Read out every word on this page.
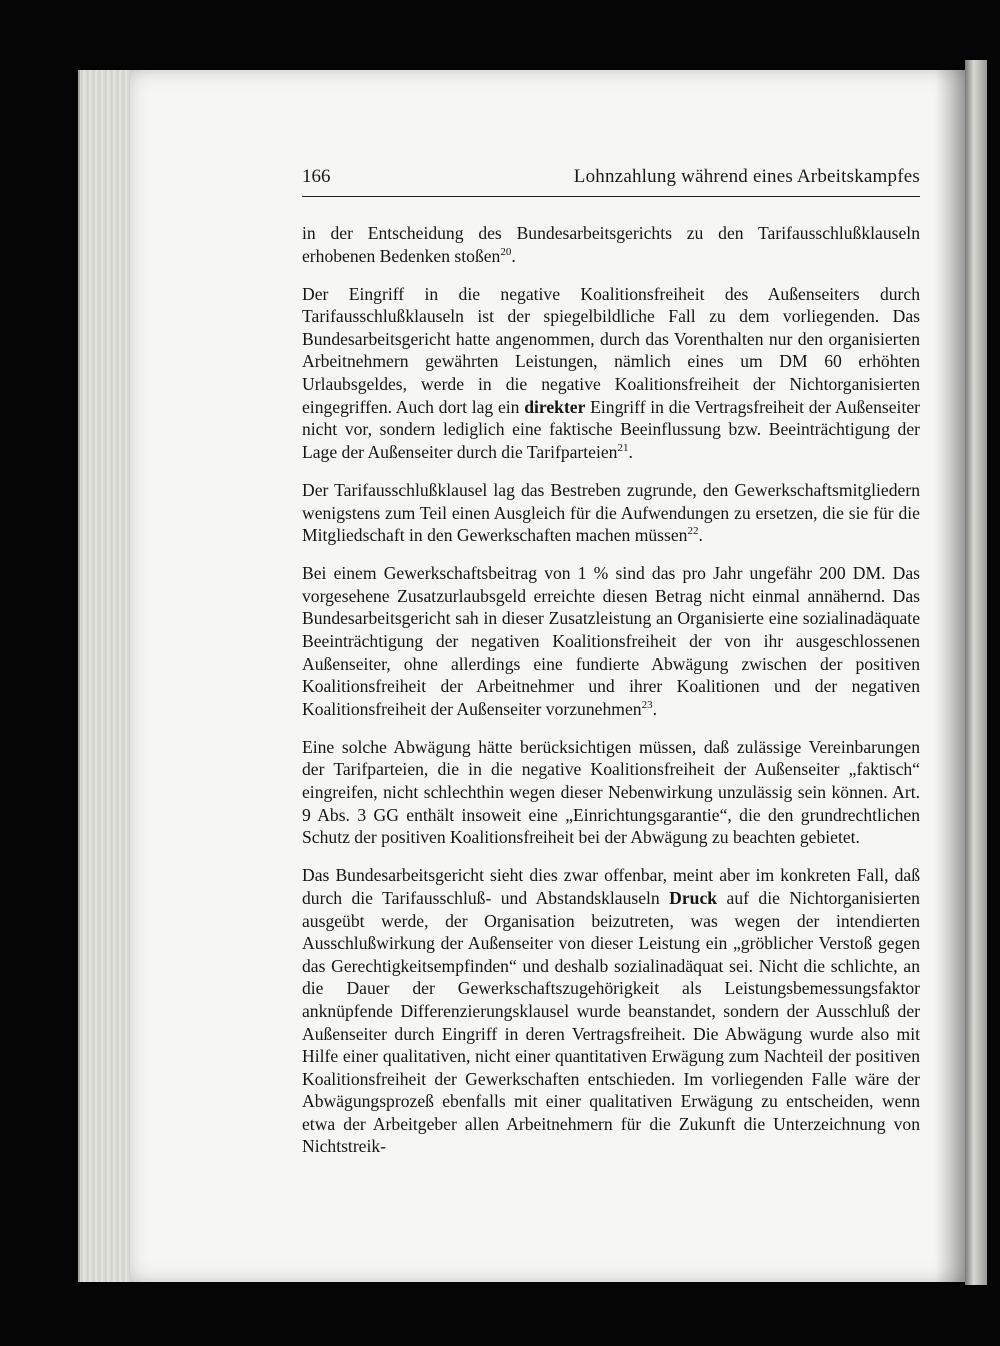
166	Lohnzahlung während eines Arbeitskampfes

in der Entscheidung des Bundesarbeitsgerichts zu den Tarifausschlußklauseln erhobenen Bedenken stoßen$^{20}$.

Der Eingriff in die negative Koalitionsfreiheit des Außenseiters durch Tarifausschlußklauseln ist der spiegelbildliche Fall zu dem vorliegenden. Das Bundesarbeitsgericht hatte angenommen, durch das Vorenthalten nur den organisierten Arbeitnehmern gewährten Leistungen, nämlich eines um DM 60 erhöhten Urlaubsgeldes, werde in die negative Koalitionsfreiheit der Nichtorganisierten eingegriffen. Auch dort lag ein direkter Eingriff in die Vertragsfreiheit der Außenseiter nicht vor, sondern lediglich eine faktische Beeinflussung bzw. Beeinträchtigung der Lage der Außenseiter durch die Tarifparteien$^{21}$.

Der Tarifausschlußklausel lag das Bestreben zugrunde, den Gewerkschaftsmitgliedern wenigstens zum Teil einen Ausgleich für die Aufwendungen zu ersetzen, die sie für die Mitgliedschaft in den Gewerkschaften machen müssen$^{22}$.

Bei einem Gewerkschaftsbeitrag von 1 % sind das pro Jahr ungefähr 200 DM. Das vorgesehene Zusatzurlaubsgeld erreichte diesen Betrag nicht einmal annähernd. Das Bundesarbeitsgericht sah in dieser Zusatzleistung an Organisierte eine sozialinadäquate Beeinträchtigung der negativen Koalitionsfreiheit der von ihr ausgeschlossenen Außenseiter, ohne allerdings eine fundierte Abwägung zwischen der positiven Koalitionsfreiheit der Arbeitnehmer und ihrer Koalitionen und der negativen Koalitionsfreiheit der Außenseiter vorzunehmen$^{23}$.

Eine solche Abwägung hätte berücksichtigen müssen, daß zulässige Vereinbarungen der Tarifparteien, die in die negative Koalitionsfreiheit der Außenseiter „faktisch“ eingreifen, nicht schlechthin wegen dieser Nebenwirkung unzulässig sein können. Art. 9 Abs. 3 GG enthält insoweit eine „Einrichtungsgarantie“, die den grundrechtlichen Schutz der positiven Koalitionsfreiheit bei der Abwägung zu beachten gebietet.

Das Bundesarbeitsgericht sieht dies zwar offenbar, meint aber im konkreten Fall, daß durch die Tarifausschluß- und Abstandsklauseln Druck auf die Nichtorganisierten ausgeübt werde, der Organisation beizutreten, was wegen der intendierten Ausschlußwirkung der Außenseiter von dieser Leistung ein „gröblicher Verstoß gegen das Gerechtigkeitsempfinden“ und deshalb sozialinadäquat sei. Nicht die schlichte, an die Dauer der Gewerkschaftszugehörigkeit als Leistungsbemessungsfaktor anknüpfende Differenzierungsklausel wurde beanstandet, sondern der Ausschluß der Außenseiter durch Eingriff in deren Vertragsfreiheit. Die Abwägung wurde also mit Hilfe einer qualitativen, nicht einer quantitativen Erwägung zum Nachteil der positiven Koalitionsfreiheit der Gewerkschaften entschieden. Im vorliegenden Falle wäre der Abwägungsprozeß ebenfalls mit einer qualitativen Erwägung zu entscheiden, wenn etwa der Arbeitgeber allen Arbeitnehmern für die Zukunft die Unterzeichnung von Nichtstreik-
